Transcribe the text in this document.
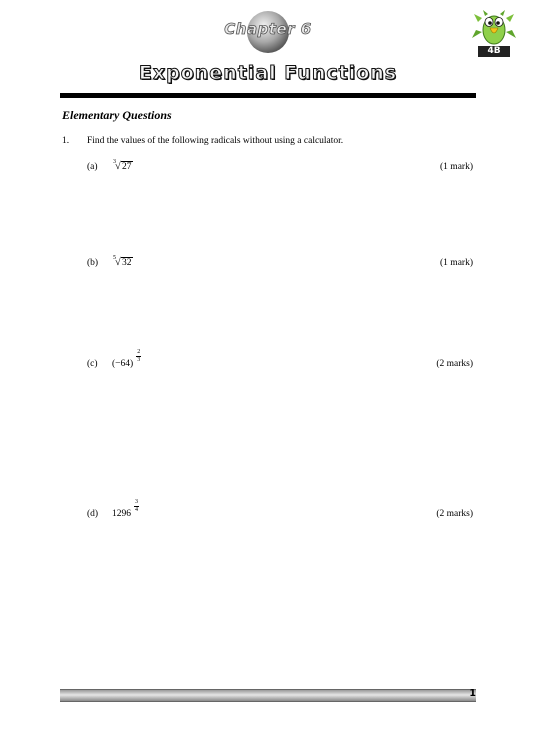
Chapter 6
4B
Exponential Functions
Elementary Questions
1. Find the values of the following radicals without using a calculator.
(a)	3 √ 27	(1 mark)
(b) 5 √ 32	(1 mark)
(c) $(-64) \frac{2}{3}$	(2 marks)
(d) $1296 \frac{3}{4}$	(2 marks)
1
